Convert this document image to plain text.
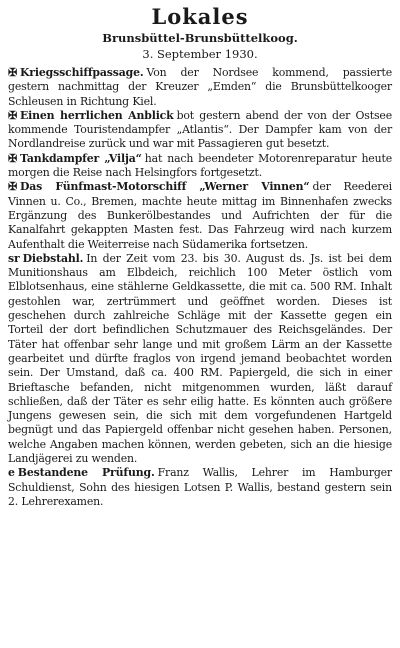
Lokales
Brunsbüttel-Brunsbüttelkoog.
3. September 1930.

✠ Kriegsschiffpassage. Von der Nordsee kommend, passierte gestern nachmittag der Kreuzer „Emden“ die Brunsbüttelkooger Schleusen in Richtung Kiel.

✠ Einen herrlichen Anblick bot gestern abend der von der Ostsee kommende Touristendampfer „Atlantis“. Der Dampfer kam von der Nordlandreise zurück und war mit Passagieren gut besetzt.

✠ Tankdampfer „Vilja“ hat nach beendeter Motorenreparatur heute morgen die Reise nach Helsingfors fortgesetzt.

✠ Das Fünfmast-Motorschiff „Werner Vinnen“ der Reederei Vinnen u. Co., Bremen, machte heute mittag im Binnenhafen zwecks Ergänzung des Bunkerölbestandes und Aufrichten der für die Kanalfahrt gekappten Masten fest. Das Fahrzeug wird nach kurzem Aufenthalt die Weiterreise nach Südamerika fortsetzen.

sr Diebstahl. In der Zeit vom 23. bis 30. August ds. Js. ist bei dem Munitionshaus am Elbdeich, reichlich 100 Meter östlich vom Elblotsenhaus, eine stählerne Geldkassette, die mit ca. 500 RM. Inhalt gestohlen war, zertrümmert und geöffnet worden. Dieses ist geschehen durch zahlreiche Schläge mit der Kassette gegen ein Torteil der dort befindlichen Schutzmauer des Reichsgeländes. Der Täter hat offenbar sehr lange und mit großem Lärm an der Kassette gearbeitet und dürfte fraglos von irgend jemand beobachtet worden sein. Der Umstand, daß ca. 400 RM. Papiergeld, die sich in einer Brieftasche befanden, nicht mitgenommen wurden, läßt darauf schließen, daß der Täter es sehr eilig hatte. Es könnten auch größere Jungens gewesen sein, die sich mit dem vorgefundenen Hartgeld begnügt und das Papiergeld offenbar nicht gesehen haben. Personen, welche Angaben machen können, werden gebeten, sich an die hiesige Landjägerei zu wenden.

e Bestandene Prüfung. Franz Wallis, Lehrer im Hamburger Schuldienst, Sohn des hiesigen Lotsen P. Wallis, bestand gestern sein 2. Lehrerexamen.
